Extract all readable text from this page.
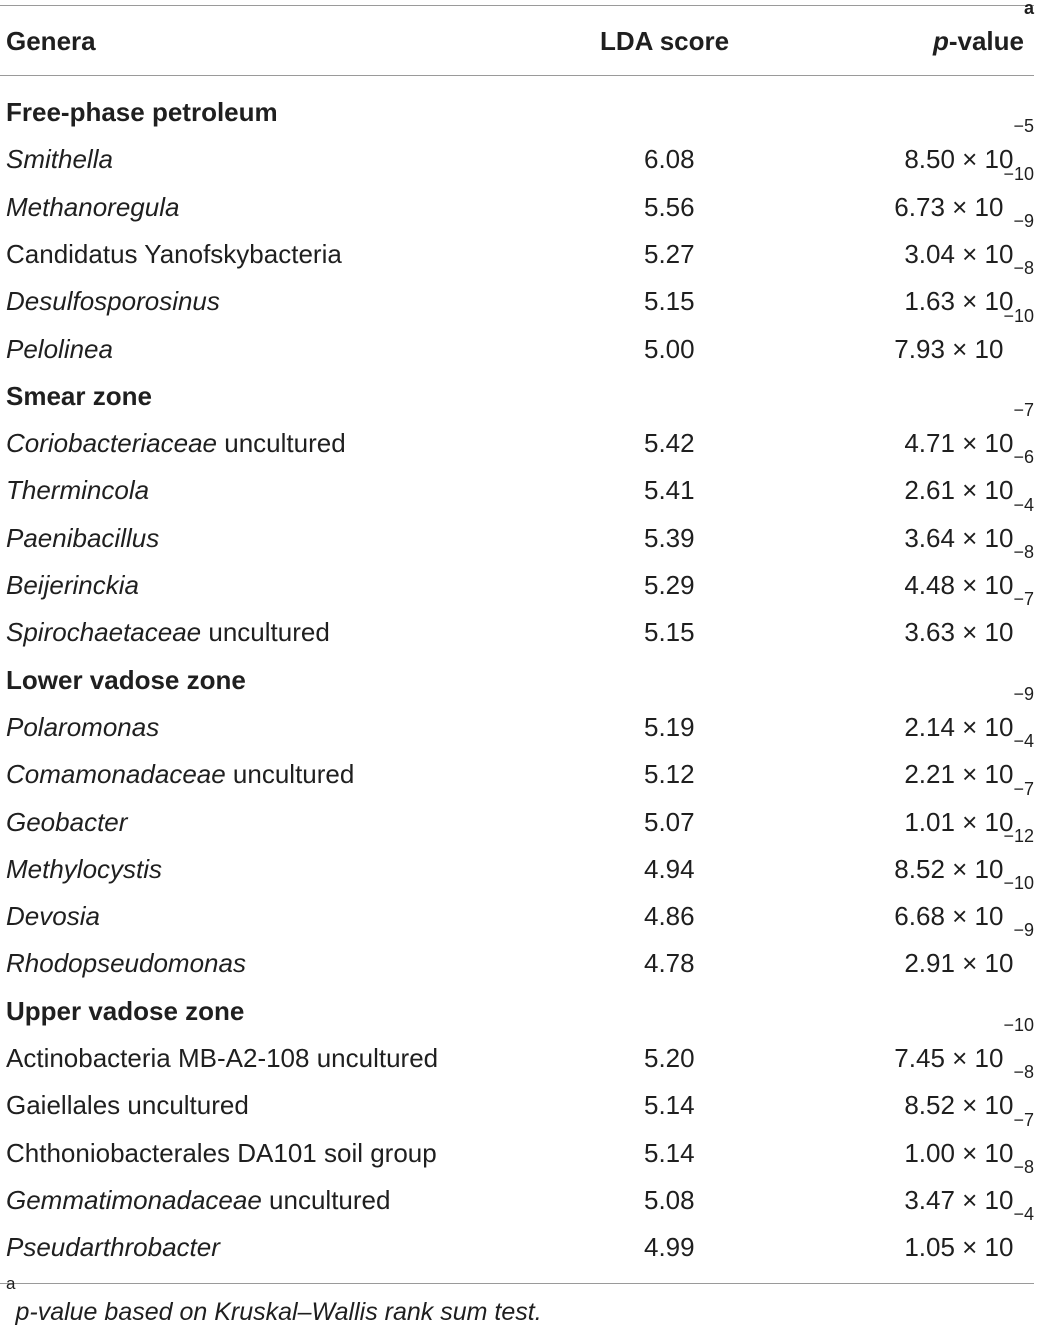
Genera	LDA score	p-value$^a$
Free-phase petroleum
Smithella	6.08	$8.50 \times 10^{-5}$
Methanoregula	5.56	$6.73 \times 10^{-10}$
Candidatus Yanofskybacteria	5.27	$3.04 \times 10^{-9}$
Desulfosporosinus	5.15	$1.63 \times 10^{-8}$
Pelolinea	5.00	$7.93 \times 10^{-10}$
Smear zone
Coriobacteriaceae uncultured	5.42	$4.71 \times 10^{-7}$
Thermincola	5.41	$2.61 \times 10^{-6}$
Paenibacillus	5.39	$3.64 \times 10^{-4}$
Beijerinckia	5.29	$4.48 \times 10^{-8}$
Spirochaetaceae uncultured	5.15	$3.63 \times 10^{-7}$
Lower vadose zone
Polaromonas	5.19	$2.14 \times 10^{-9}$
Comamonadaceae uncultured	5.12	$2.21 \times 10^{-4}$
Geobacter	5.07	$1.01 \times 10^{-7}$
Methylocystis	4.94	$8.52 \times 10^{-12}$
Devosia	4.86	$6.68 \times 10^{-10}$
Rhodopseudomonas	4.78	$2.91 \times 10^{-9}$
Upper vadose zone
Actinobacteria MB-A2-108 uncultured	5.20	$7.45 \times 10^{-10}$
Gaiellales uncultured	5.14	$8.52 \times 10^{-8}$
Chthoniobacterales DA101 soil group	5.14	$1.00 \times 10^{-7}$
Gemmatimonadaceae uncultured	5.08	$3.47 \times 10^{-8}$
Pseudarthrobacter	4.99	$1.05 \times 10^{-4}$
$^a$p-value based on Kruskal–Wallis rank sum test.
